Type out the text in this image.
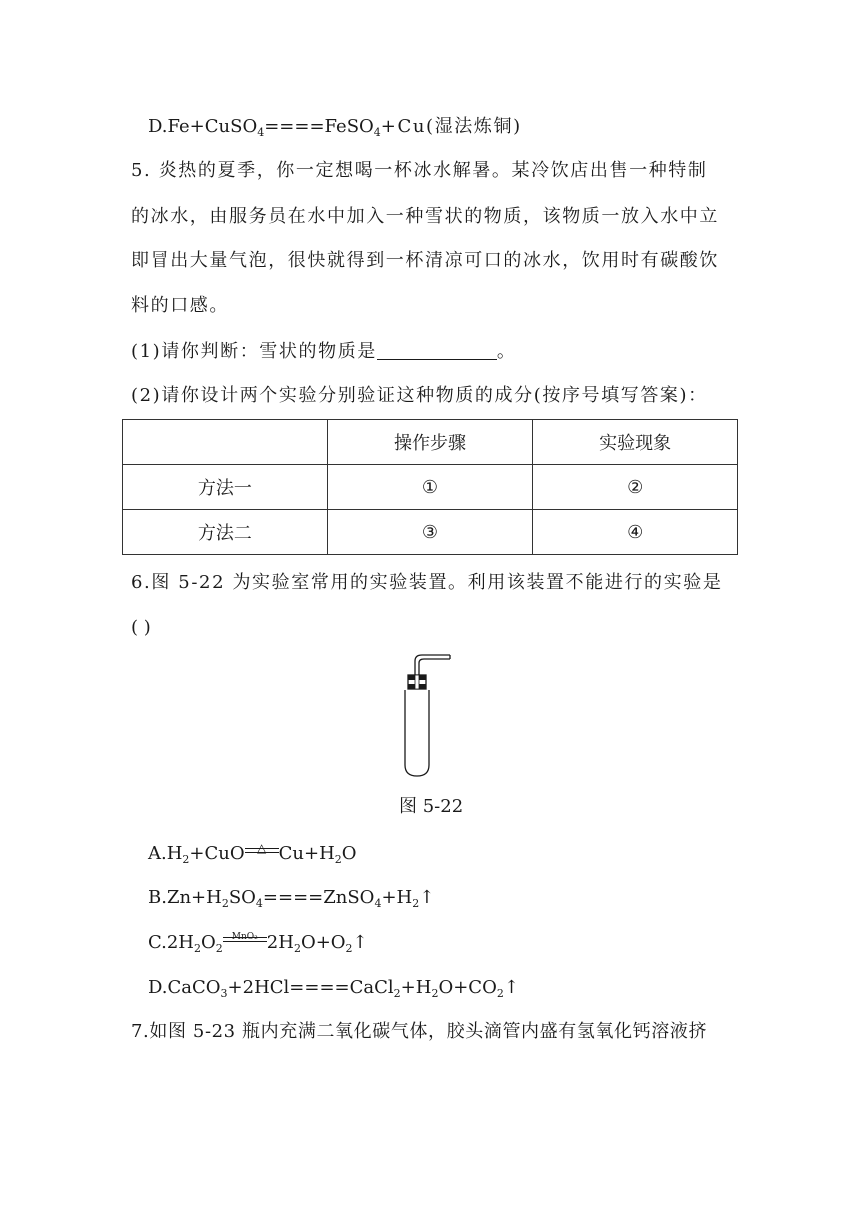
D.Fe+CuSO$_4$====FeSO$_4$+Cu(湿法炼铜)
5. 炎热的夏季，你一定想喝一杯冰水解暑。某冷饮店出售一种特制
的冰水，由服务员在水中加入一种雪状的物质，该物质一放入水中立
即冒出大量气泡，很快就得到一杯清凉可口的冰水，饮用时有碳酸饮
料的口感。
(1)请你判断：雪状的物质是	。
(2)请你设计两个实验分别验证这种物质的成分(按序号填写答案)：
	操作步骤	实验现象
方法一	①	②
方法二	③	④
6.图 5-22 为实验室常用的实验装置。利用该装置不能进行的实验是
( )
图 5-22
$A.H_2+CuO$	△ $Cu+H_2O$
$B.Zn+H_2SO_4====ZnSO_4+H_2↑$
$C.2H_2O_2$
MnO₂ $2H_2O+O_2↑$
$D.CaCO_3+2HCl====CaCl_2+H_2O+CO_2↑$
7.如图 5-23 瓶内充满二氧化碳气体，胶头滴管内盛有氢氧化钙溶液挤
